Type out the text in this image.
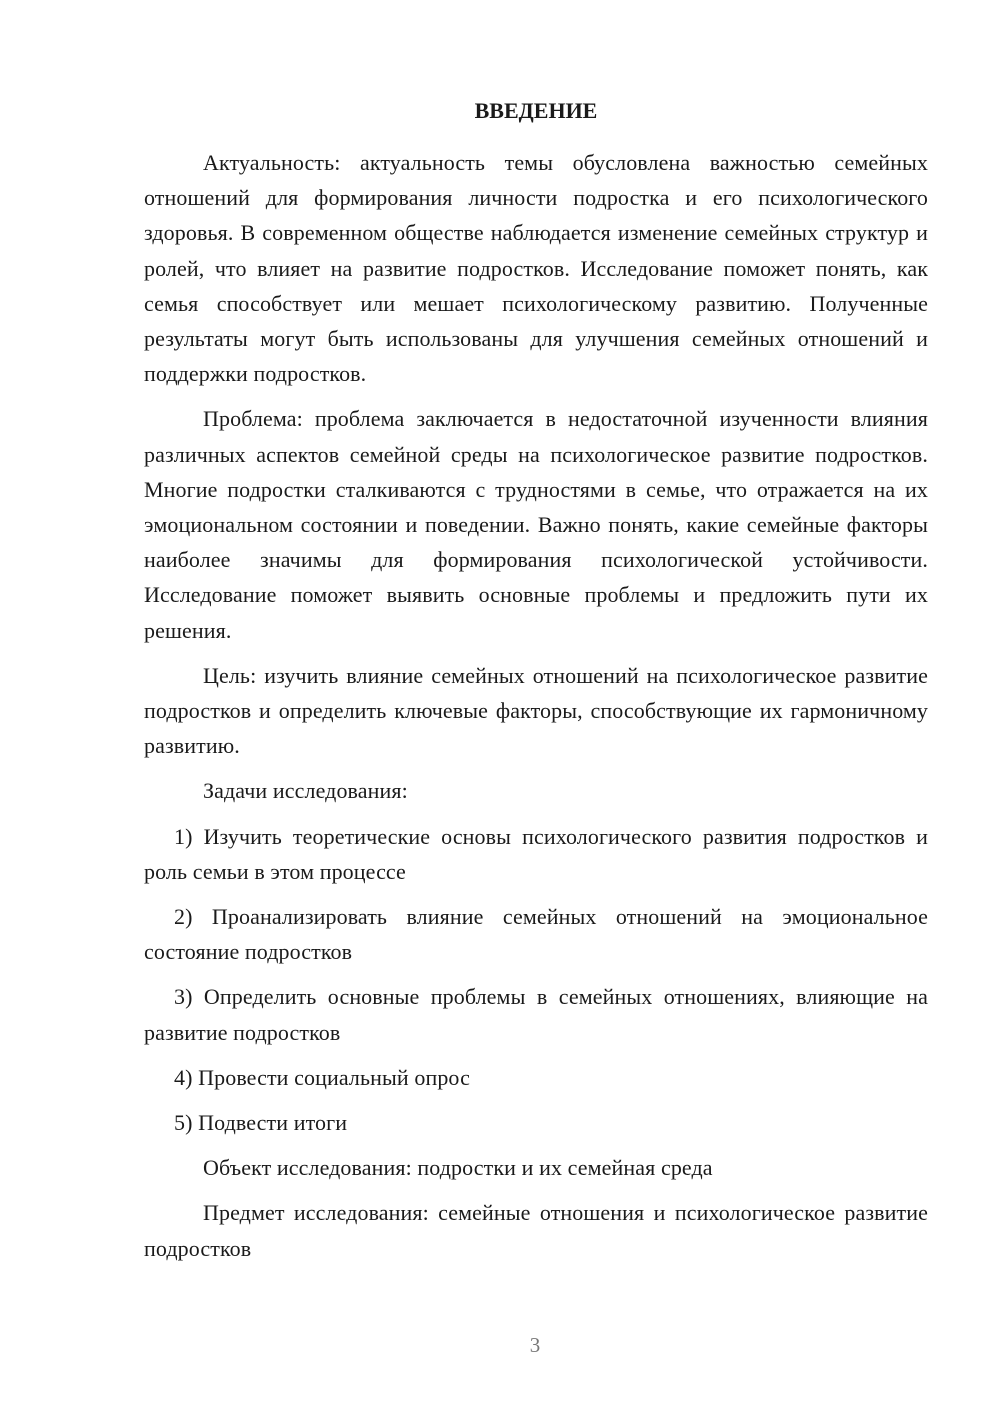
ВВЕДЕНИЕ

Актуальность: актуальность темы обусловлена важностью семейных отношений для формирования личности подростка и его психологического здоровья. В современном обществе наблюдается изменение семейных структур и ролей, что влияет на развитие подростков. Исследование поможет понять, как семья способствует или мешает психологическому развитию. Полученные результаты могут быть использованы для улучшения семейных отношений и поддержки подростков.

Проблема: проблема заключается в недостаточной изученности влияния различных аспектов семейной среды на психологическое развитие подростков. Многие подростки сталкиваются с трудностями в семье, что отражается на их эмоциональном состоянии и поведении. Важно понять, какие семейные факторы наиболее значимы для формирования психологической устойчивости. Исследование поможет выявить основные проблемы и предложить пути их решения.

Цель: изучить влияние семейных отношений на психологическое развитие подростков и определить ключевые факторы, способствующие их гармоничному развитию.

Задачи исследования:

1) Изучить теоретические основы психологического развития подростков и роль семьи в этом процессе

2) Проанализировать влияние семейных отношений на эмоциональное состояние подростков

3) Определить основные проблемы в семейных отношениях, влияющие на развитие подростков

4) Провести социальный опрос

5) Подвести итоги

Объект исследования: подростки и их семейная среда

Предмет исследования: семейные отношения и психологическое развитие подростков

3
